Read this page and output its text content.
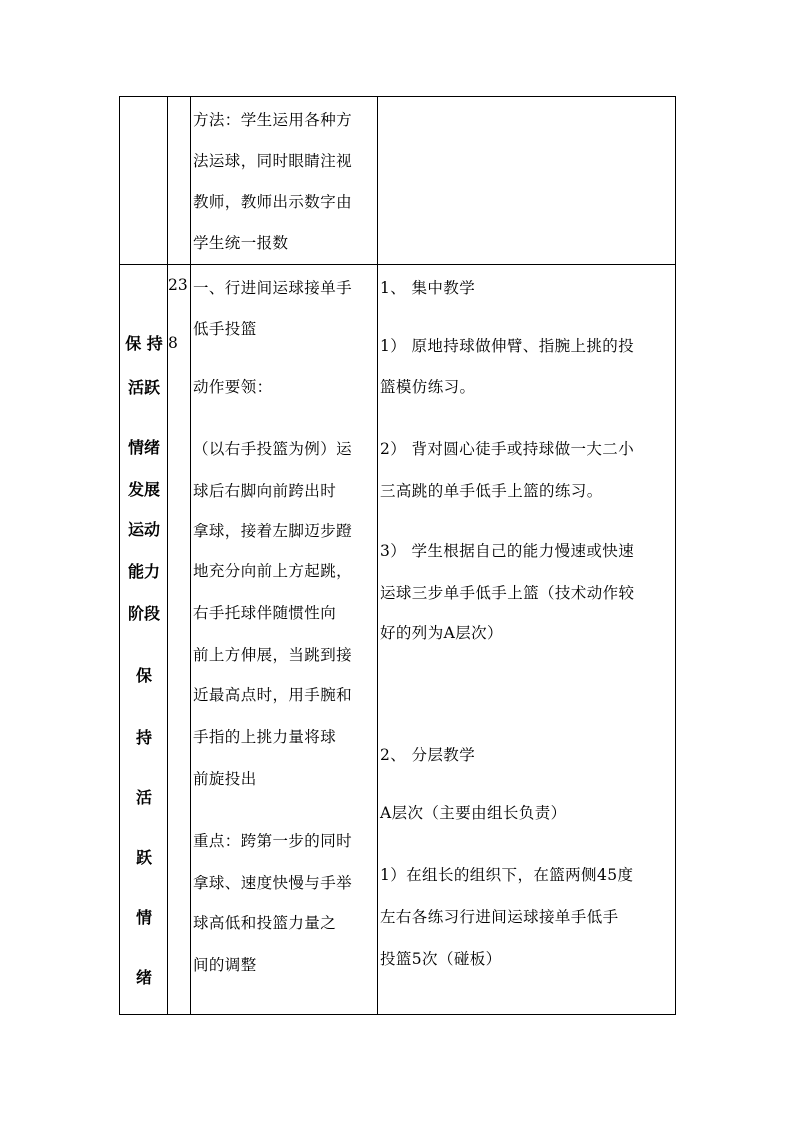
方法：学生运用各种方

法运球，同时眼睛注视

教师，教师出示数字由

学生统一报数

保 持

活跃

情绪

发展

运动

能力

阶段

保

持

活

跃

情

绪

23

8

一、行进间运球接单手

低手投篮

动作要领：

（以右手投篮为例）运

球后右脚向前跨出时

拿球，接着左脚迈步蹬

地充分向前上方起跳，

右手托球伴随惯性向

前上方伸展，当跳到接

近最高点时，用手腕和

手指的上挑力量将球

前旋投出

重点：跨第一步的同时

拿球、速度快慢与手举

球高低和投篮力量之

间的调整

1、 集中教学

1） 原地持球做伸臂、指腕上挑的投

篮模仿练习。

2） 背对圆心徒手或持球做一大二小

三高跳的单手低手上篮的练习。

3） 学生根据自己的能力慢速或快速

运球三步单手低手上篮（技术动作较

好的列为A层次）

2、 分层教学

A层次（主要由组长负责）

1）在组长的组织下，在篮两侧45度

左右各练习行进间运球接单手低手

投篮5次（碰板）
